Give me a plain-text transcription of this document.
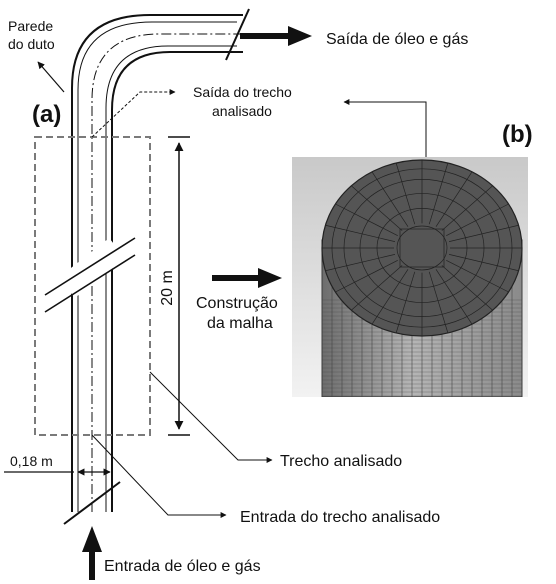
20 m
0,18 m
Parede
do duto	Saída de óleo e gás
Saída do trecho
analisado
(a)
(b)
Construção
da malha
Trecho analisado
Entrada do trecho analisado
Entrada de óleo e gás
